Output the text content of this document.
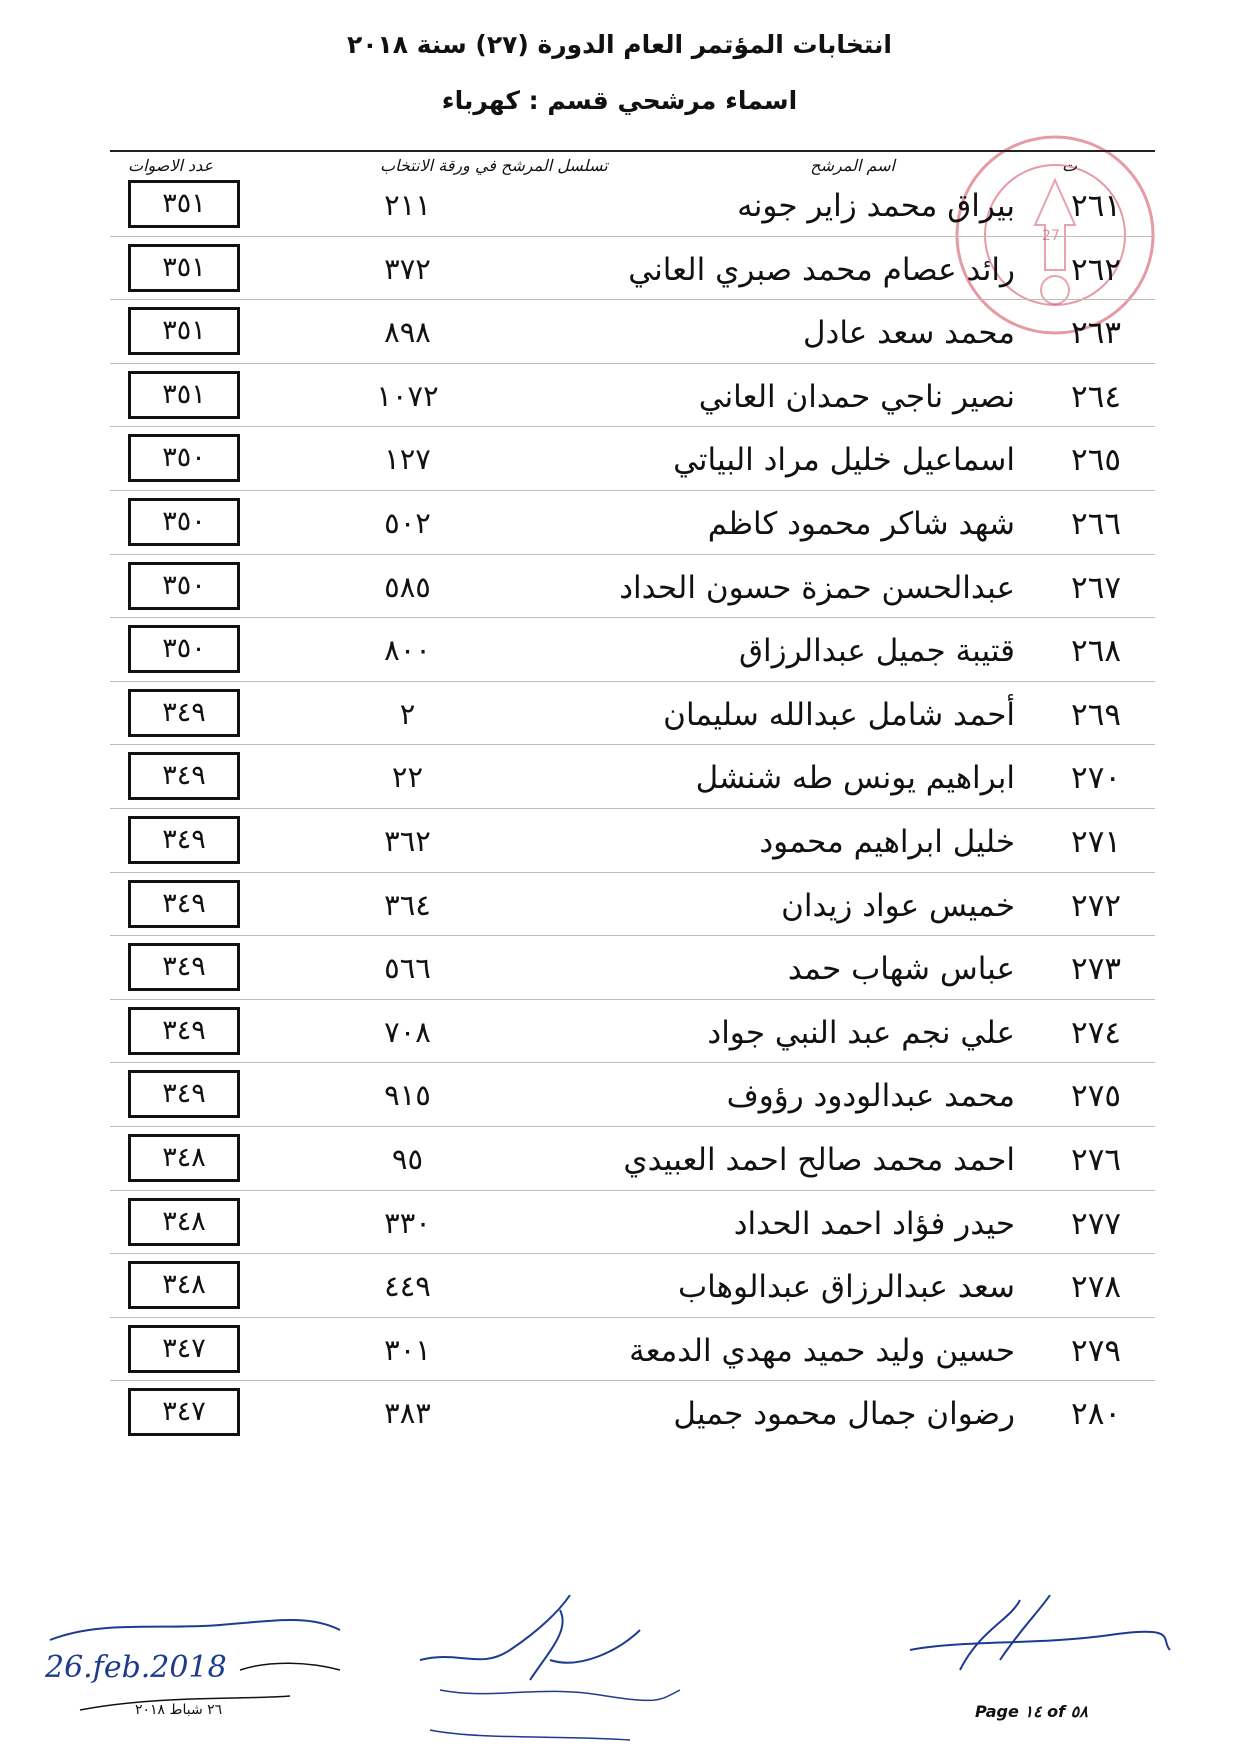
انتخابات المؤتمر العام الدورة (٢٧) سنة ٢٠١٨
اسماء مرشحي قسم : كهرباء
27
ت
اسم المرشح
تسلسل المرشح في ورقة الانتخاب
عدد الاصوات
٢٦١
بيراق محمد زاير جونه
٢١١
٣٥١
٢٦٢
رائد عصام محمد صبري العاني
٣٧٢
٣٥١
٢٦٣
محمد سعد عادل
٨٩٨
٣٥١
٢٦٤
نصير ناجي حمدان العاني
١٠٧٢
٣٥١
٢٦٥
اسماعيل خليل مراد البياتي
١٢٧
٣٥٠
٢٦٦
شهد شاكر محمود كاظم
٥٠٢
٣٥٠
٢٦٧
عبدالحسن حمزة حسون الحداد
٥٨٥
٣٥٠
٢٦٨
قتيبة جميل عبدالرزاق
٨٠٠
٣٥٠
٢٦٩
أحمد شامل عبدالله سليمان
٢
٣٤٩
٢٧٠
ابراهيم يونس طه شنشل
٢٢
٣٤٩
٢٧١
خليل ابراهيم محمود
٣٦٢
٣٤٩
٢٧٢
خميس عواد زيدان
٣٦٤
٣٤٩
٢٧٣
عباس شهاب حمد
٥٦٦
٣٤٩
٢٧٤
علي نجم عبد النبي جواد
٧٠٨
٣٤٩
٢٧٥
محمد عبدالودود رؤوف
٩١٥
٣٤٩
٢٧٦
احمد محمد صالح احمد العبيدي
٩٥
٣٤٨
٢٧٧
حيدر فؤاد احمد الحداد
٣٣٠
٣٤٨
٢٧٨
سعد عبدالرزاق عبدالوهاب
٤٤٩
٣٤٨
٢٧٩
حسين وليد حميد مهدي الدمعة
٣٠١
٣٤٧
٢٨٠
رضوان جمال محمود جميل
٣٨٣
٣٤٧
26.feb.2018
٢٦ شباط ٢٠١٨	Page ١٤ of ٥٨
